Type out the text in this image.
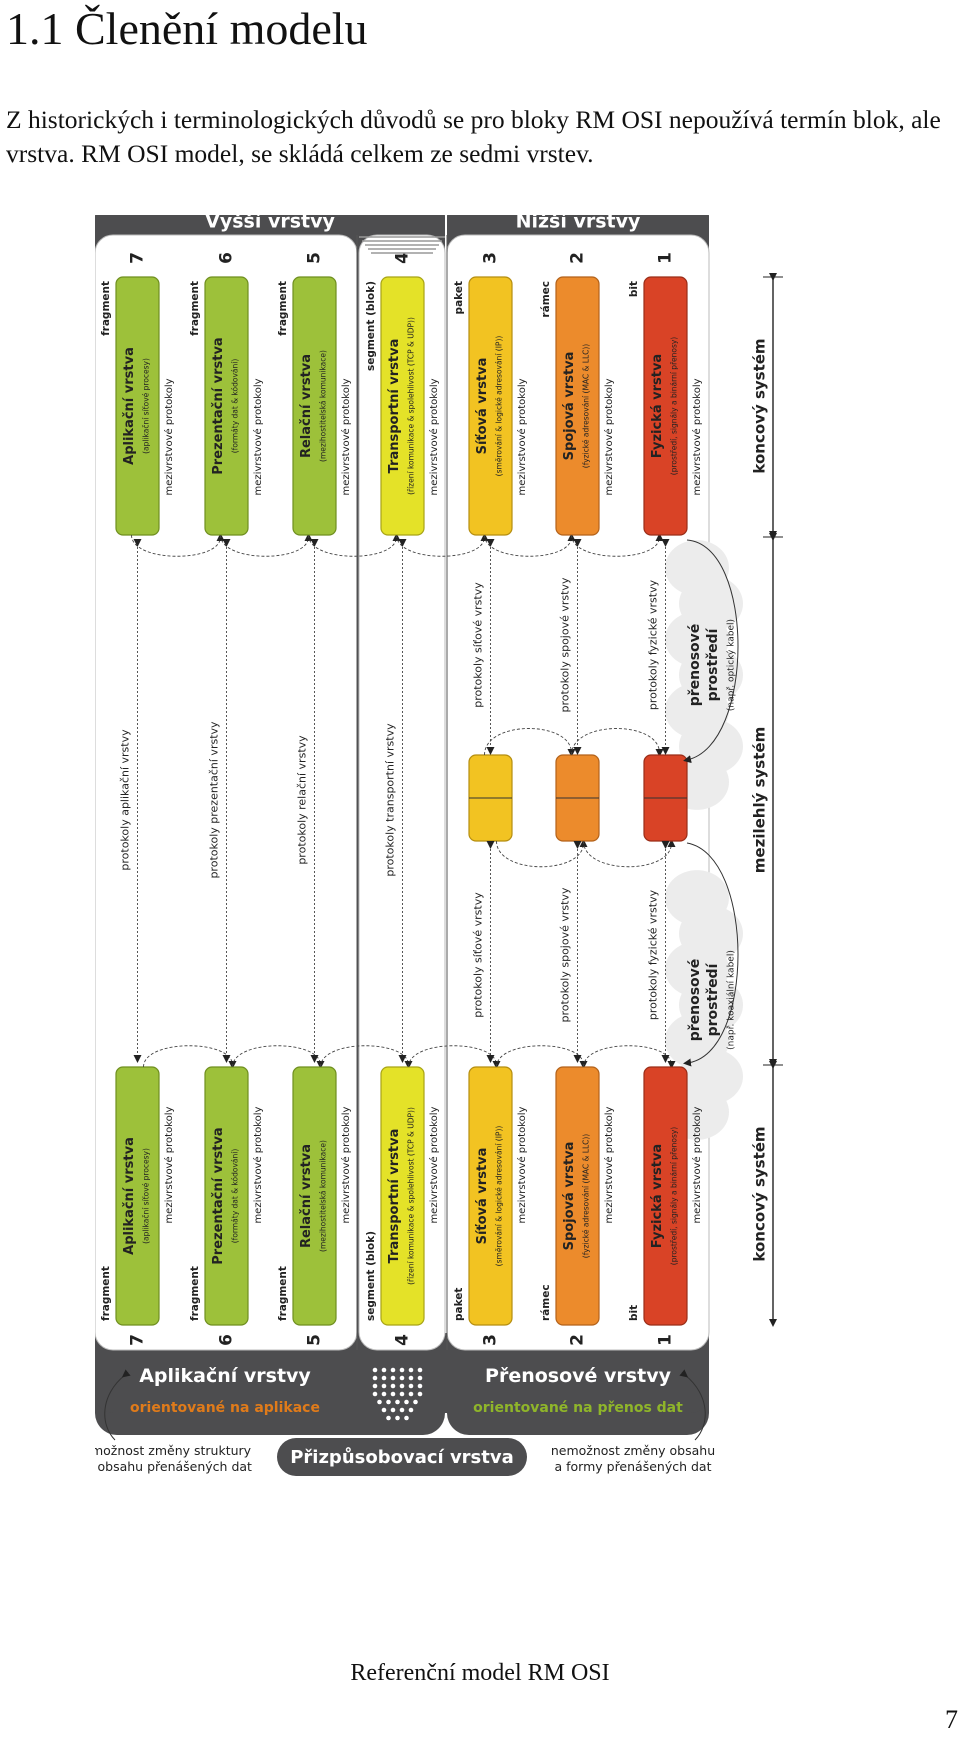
1.1 Členění modelu

Z historických i terminologických důvodů se pro bloky RM OSI nepoužívá termín blok, ale vrstva. RM OSI model, se skládá celkem ze sedmi vrstev.

Vyšší vrstvy	Nižší vrstvy
7
7
Aplikační vrstva (aplikační síťové procesy)
Aplikační vrstva (aplikační síťové procesy)
fragment
fragment
mezivrstvové protokoly
mezivrstvové protokoly
protokoly aplikační vrstvy
6
6
Prezentační vrstva (formáty dat & kódování)
Prezentační vrstva (formáty dat & kódování)
fragment
fragment
mezivrstvové protokoly
mezivrstvové protokoly
protokoly prezentační vrstvy
5
5
Relační vrstva (mezihostitelská komunikace)
Relační vrstva (mezihostitelská komunikace)
fragment
fragment
mezivrstvové protokoly
mezivrstvové protokoly
protokoly relační vrstvy
4
4
Transportní vrstva (řízení komunikace & spolehlivost (TCP & UDP))
Transportní vrstva (řízení komunikace & spolehlivost (TCP & UDP))
segment (blok)
segment (blok)
mezivrstvové protokoly
mezivrstvové protokoly
protokoly transportní vrstvy
3
3
Síťová vrstva (směrování & logické adresování (IP))
Síťová vrstva (směrování & logické adresování (IP))
paket
paket
mezivrstvové protokoly
mezivrstvové protokoly
protokoly síťové vrstvy
protokoly síťové vrstvy
2
2
Spojová vrstva (fyzické adresování (MAC & LLC))
Spojová vrstva (fyzické adresování (MAC & LLC))
rámec
rámec
mezivrstvové protokoly
mezivrstvové protokoly
protokoly spojové vrstvy
protokoly spojové vrstvy
1
1
Fyzická vrstva (prostředí, signály a binární přenosy)
Fyzická vrstva (prostředí, signály a binární přenosy)
bit
bit
mezivrstvové protokoly
mezivrstvové protokoly
protokoly fyzické vrstvy
protokoly fyzické vrstvy
přenosové prostředí (např. optický kabel)
přenosové prostředí (např. koaxiální kabel)
koncový systém
mezilehlý systém
koncový systém
Aplikační vrstvy
orientované na aplikace
Přenosové vrstvy
orientované na přenos dat
Přizpůsobovací vrstva
možnost změny struktury
i obsahu přenášených dat
nemožnost změny obsahu
a formy přenášených dat
Referenční model RM OSI
7
